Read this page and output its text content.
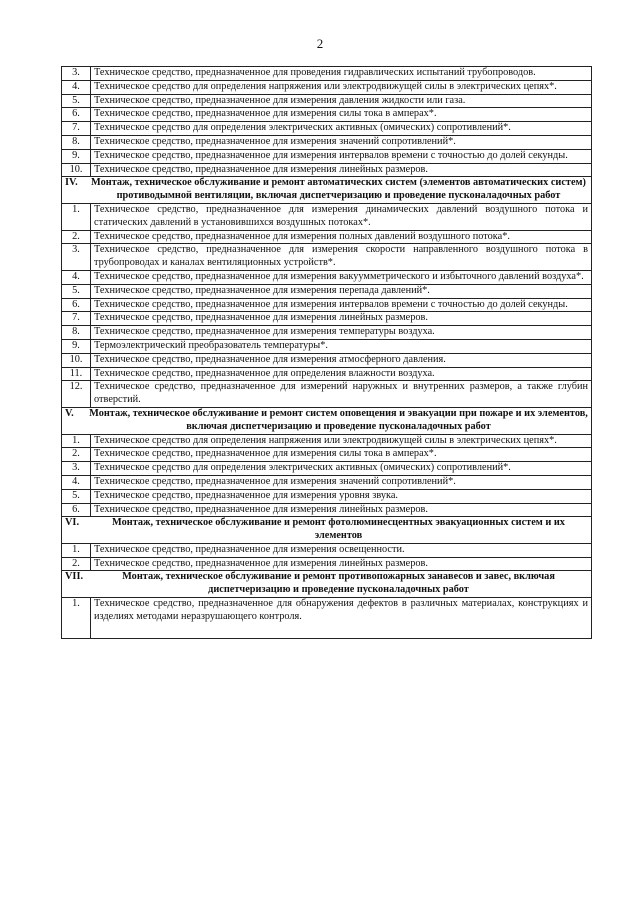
2
3.	Техническое средство, предназначенное для проведения гидравлических испытаний трубопроводов.
4.	Техническое средство для определения напряжения или электродвижущей силы в электрических цепях*.
5.	Техническое средство, предназначенное для измерения давления жидкости или газа.
6.	Техническое средство, предназначенное для измерения силы тока в амперах*.
7.	Техническое средство для определения электрических активных (омических) сопротивлений*.
8.	Техническое средство, предназначенное для измерения значений сопротивлений*.
9.	Техническое средство, предназначенное для измерения интервалов времени с точностью до долей секунды.
10.	Техническое средство, предназначенное для измерения линейных размеров.

IV. Монтаж, техническое обслуживание и ремонт автоматических систем (элементов автоматических систем) противодымной вентиляции, включая диспетчеризацию и проведение пусконаладочных работ	

1.	Техническое средство, предназначенное для измерения динамических давлений воздушного потока и статических давлений в установившихся воздушных потоках*.
2.	Техническое средство, предназначенное для измерения полных давлений воздушного потока*.
3.	Техническое средство, предназначенное для измерения скорости направленного воздушного потока в трубопроводах и каналах вентиляционных устройств*.
4.	Техническое средство, предназначенное для измерения вакуумметрического и избыточного давлений воздуха*.
5.	Техническое средство, предназначенное для измерения перепада давлений*.
6.	Техническое средство, предназначенное для измерения интервалов времени с точностью до долей секунды.
7.	Техническое средство, предназначенное для измерения линейных размеров.
8.	Техническое средство, предназначенное для измерения температуры воздуха.
9.	Термоэлектрический преобразователь температуры*.
10.	Техническое средство, предназначенное для измерения атмосферного давления.
11.	Техническое средство, предназначенное для определения влажности воздуха.
12.	Техническое средство, предназначенное для измерений наружных и внутренних размеров, а также глубин отверстий.

V. Монтаж, техническое обслуживание и ремонт систем оповещения и эвакуации при пожаре и их элементов, включая диспетчеризацию и проведение пусконаладочных работ	

1.	Техническое средство для определения напряжения или электродвижущей силы в электрических цепях*.
2.	Техническое средство, предназначенное для измерения силы тока в амперах*.
3.	Техническое средство для определения электрических активных (омических) сопротивлений*.
4.	Техническое средство, предназначенное для измерения значений сопротивлений*.
5.	Техническое средство, предназначенное для измерения уровня звука.
6.	Техническое средство, предназначенное для измерения линейных размеров.

VI. Монтаж, техническое обслуживание и ремонт фотолюминесцентных эвакуационных систем и их элементов	

1.	Техническое средство, предназначенное для измерения освещенности.
2.	Техническое средство, предназначенное для измерения линейных размеров.

VII. Монтаж, техническое обслуживание и ремонт противопожарных занавесов и завес, включая диспетчеризацию и проведение пусконаладочных работ	

1.	Техническое средство, предназначенное для обнаружения дефектов в различных материалах, конструкциях и изделиях методами неразрушающего контроля.
